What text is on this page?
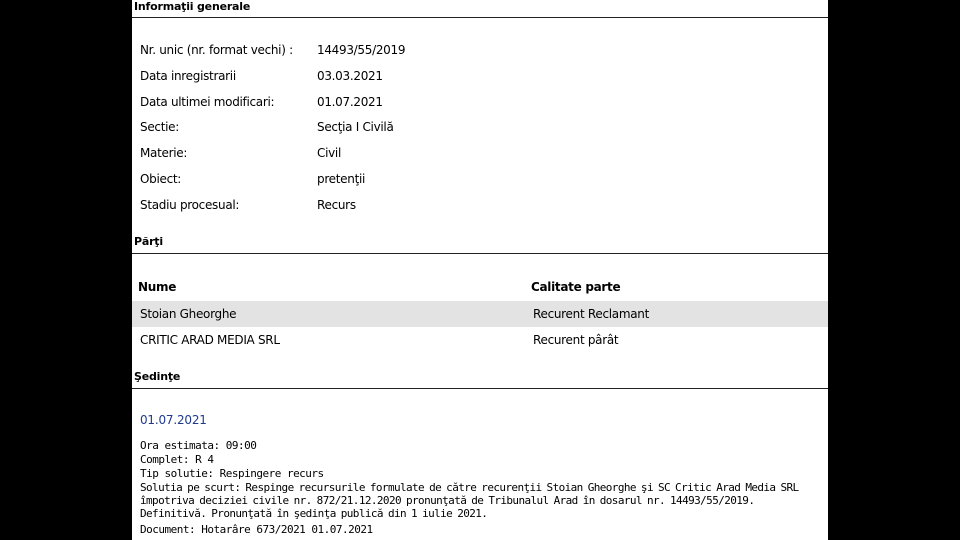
Informaţii generale
Nr. unic (nr. format vechi) : 14493/55/2019
Data inregistrarii	03.03.2021
Data ultimei modificari:	01.07.2021
Sectie:	Secţia I Civilă
Materie:	Civil
Obiect:	pretenţii
Stadiu procesual:	Recurs
Părţi
Nume	Calitate parte
Stoian Gheorghe	Recurent Reclamant
CRITIC ARAD MEDIA SRL	Recurent pârât
Şedinţe
01.07.2021
Ora estimata: 09:00
Complet: R 4
Tip solutie: Respingere recurs
Solutia pe scurt: Respinge recursurile formulate de către recurenţii Stoian Gheorghe şi SC Critic Arad Media SRL împotriva deciziei civile nr. 872/21.12.2020 pronunţată de Tribunalul Arad în dosarul nr. 14493/55/2019. Definitivă. Pronunţată în şedinţa publică din 1 iulie 2021.
Document: Hotarâre 673/2021 01.07.2021
